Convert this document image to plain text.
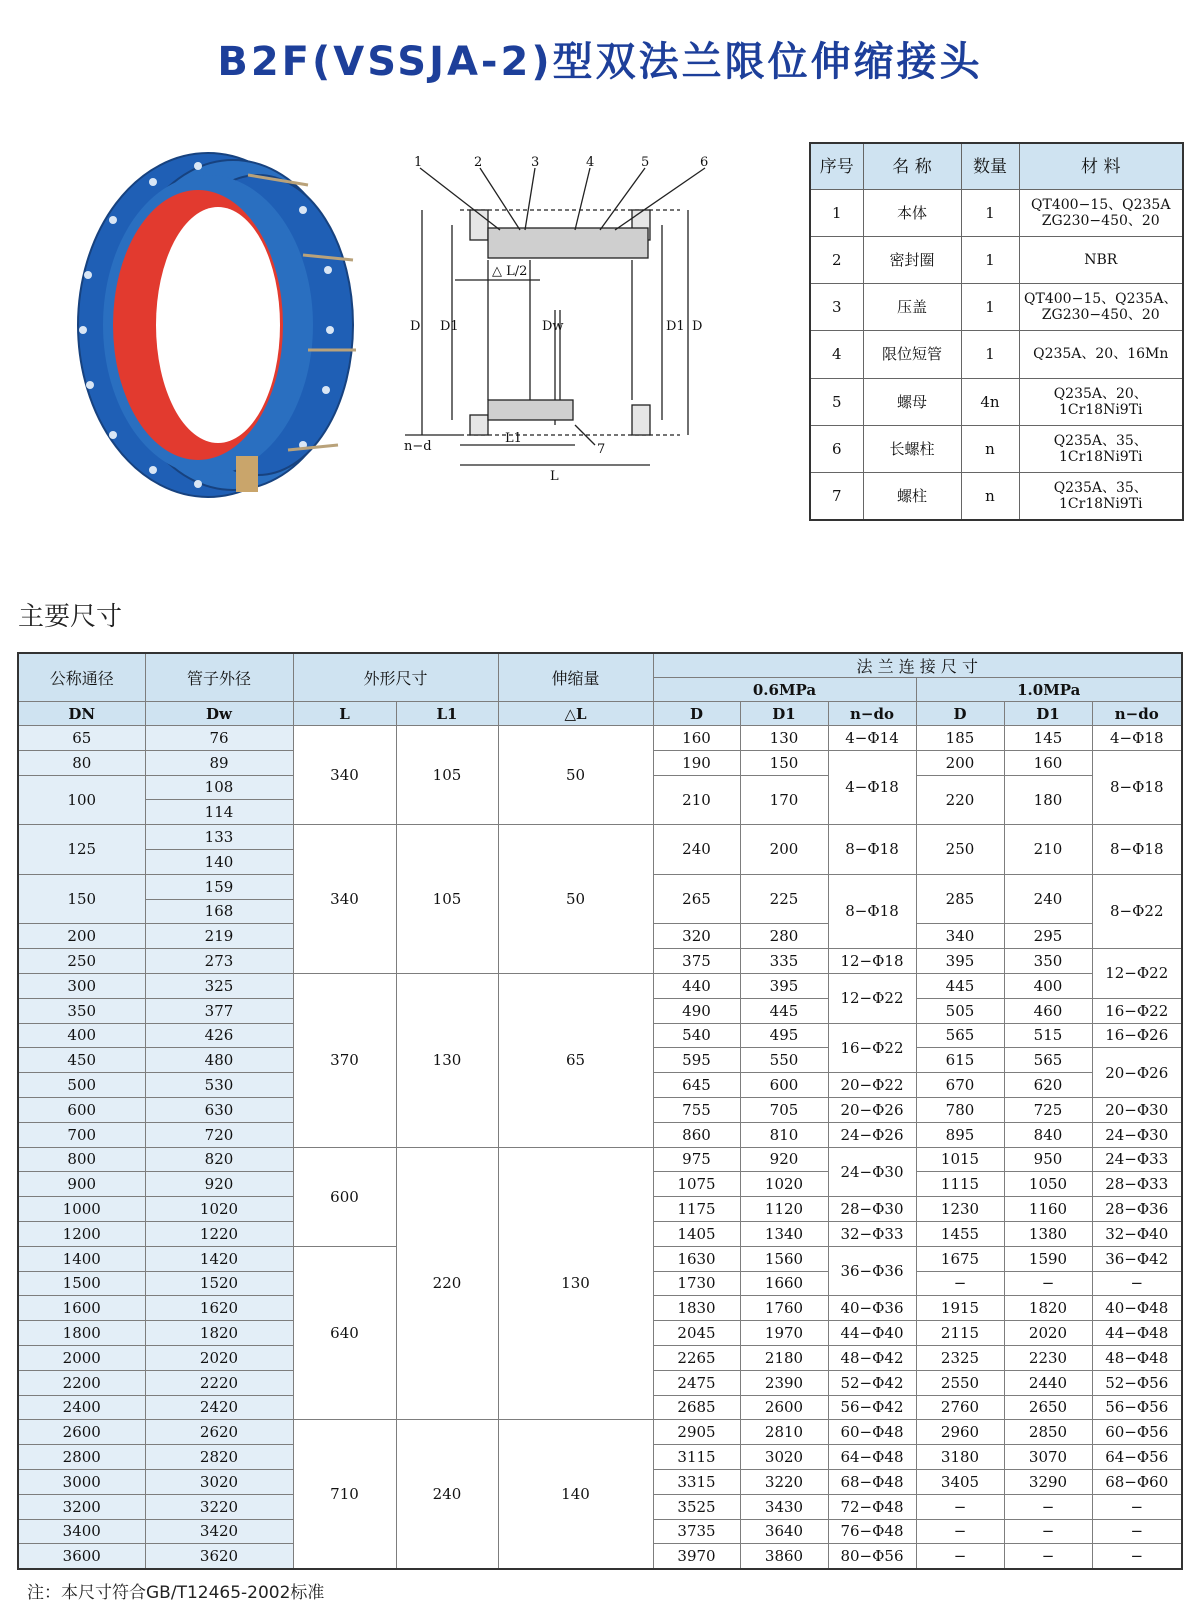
B2F(VSSJA-2)型双法兰限位伸缩接头
1	2	3	4	5	6
7
△ L/2
D D1	Dw	D1 D
n−d
L1
L
序号	名 称	数量	材 料
1	本体	1	QT400−15、Q235A ZG230−450、20
2	密封圈	1	NBR
3	压盖	1	QT400−15、Q235A、ZG230−450、20
4	限位短管	1	Q235A、20、16Mn
5	螺母	4n	Q235A、20、1Cr18Ni9Ti
6	长螺柱	n	Q235A、35、1Cr18Ni9Ti
7	螺柱	n	Q235A、35、1Cr18Ni9Ti
主要尺寸
公称通径	管子外径	外形尺寸		伸缩量	法 兰 连 接 尺 寸					
					0.6MPa			1.0MPa		
DN	Dw	L	L1	△L	D	D1	n−do	D	D1	n−do
65	76	340	105	50	160	130	4−Φ14	185	145	4−Φ18
80	89				190	150	4−Φ18	200	160	8−Φ18
100	108				210	170		220	180	
	114									
125	133	340	105	50	240	200	8−Φ18	250	210	8−Φ18
	140									
150	159				265	225	8−Φ18	285	240	8−Φ22
	168									
200	219				320	280		340	295	
250	273				375	335	12−Φ18	395	350	12−Φ22
300	325	370	130	65	440	395	12−Φ22	445	400	
350	377				490	445		505	460	16−Φ22
400	426				540	495	16−Φ22	565	515	16−Φ26
450	480				595	550		615	565	20−Φ26
500	530				645	600	20−Φ22	670	620	
600	630				755	705	20−Φ26	780	725	20−Φ30
700	720				860	810	24−Φ26	895	840	24−Φ30
800	820	600	220	130	975	920	24−Φ30	1015	950	24−Φ33
900	920				1075	1020		1115	1050	28−Φ33
1000	1020				1175	1120	28−Φ30	1230	1160	28−Φ36
1200	1220				1405	1340	32−Φ33	1455	1380	32−Φ40
1400	1420	640			1630	1560	36−Φ36	1675	1590	36−Φ42
1500	1520				1730	1660		−	−	−
1600	1620				1830	1760	40−Φ36	1915	1820	40−Φ48
1800	1820				2045	1970	44−Φ40	2115	2020	44−Φ48
2000	2020				2265	2180	48−Φ42	2325	2230	48−Φ48
2200	2220				2475	2390	52−Φ42	2550	2440	52−Φ56
2400	2420				2685	2600	56−Φ42	2760	2650	56−Φ56
2600	2620	710	240	140	2905	2810	60−Φ48	2960	2850	60−Φ56
2800	2820				3115	3020	64−Φ48	3180	3070	64−Φ56
3000	3020				3315	3220	68−Φ48	3405	3290	68−Φ60
3200	3220				3525	3430	72−Φ48	−	−	−
3400	3420				3735	3640	76−Φ48	−	−	−
3600	3620				3970	3860	80−Φ56	−	−	−
注：本尺寸符合GB/T12465-2002标准
